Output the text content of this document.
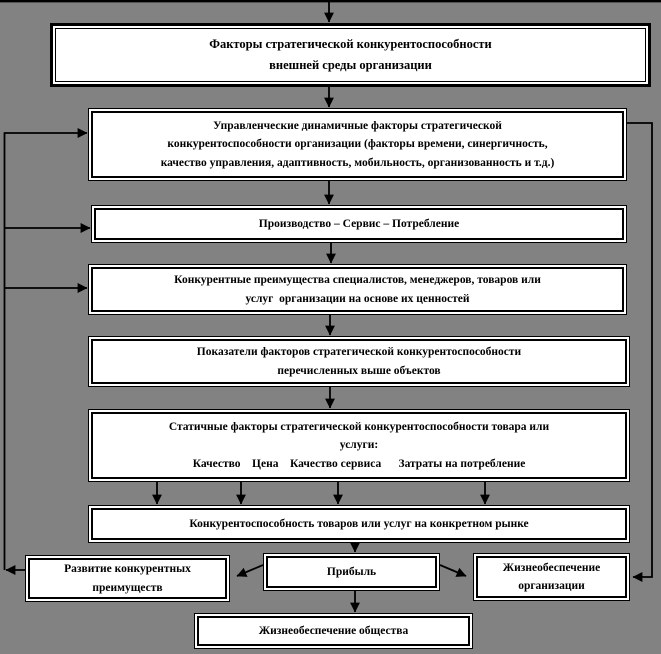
Факторы стратегической конкурентоспособности
внешней среды организации
Управленческие динамичные факторы стратегической
конкурентоспособности организации (факторы времени, синергичность,
качество управления, адаптивность, мобильность, организованность и т.д.)
Производство – Сервис – Потребление
Конкурентные преимущества специалистов, менеджеров, товаров или
услуг  организации на основе их ценностей
Показатели факторов стратегической конкурентоспособности
перечисленных выше объектов
Статичные факторы стратегической конкурентоспособности товара или
услуги:
Качество    Цена    Качество сервиса      Затраты на потребление
Конкурентоспособность товаров или услуг на конкретном рынке
Развитие конкурентных
преимуществ
Прибыль	Жизнеобеспечение
организации
Жизнеобеспечение общества
